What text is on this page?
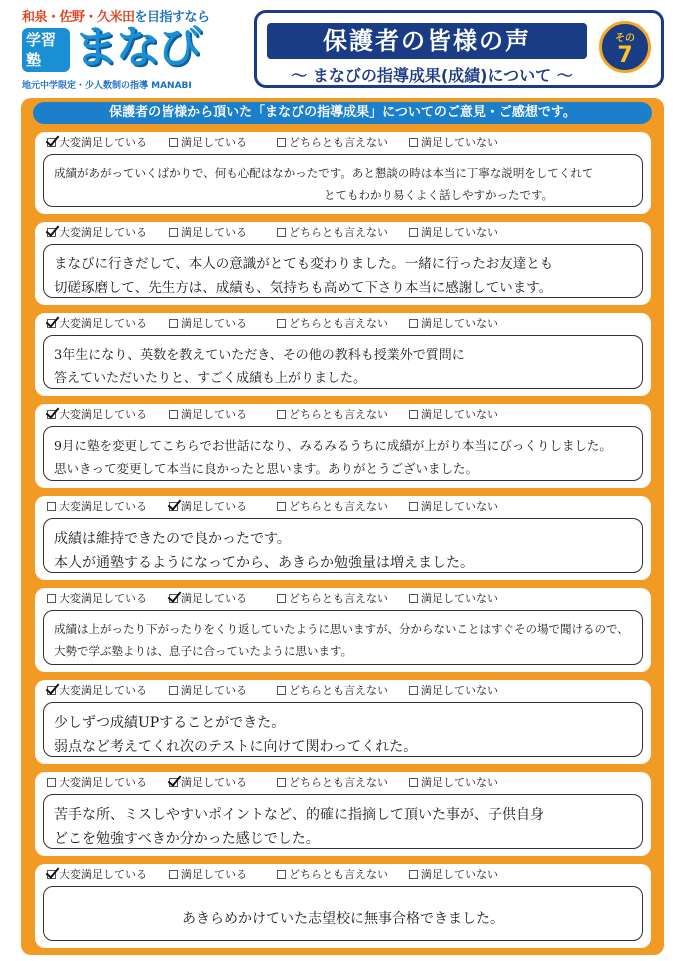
和泉・佐野・久米田を目指すなら
学習塾 まなび
地元中学限定・少人数制の指導 MANABI
保護者の皆様の声
～ まなびの指導成果(成績)について ～
その
7
保護者の皆様から頂いた「まなびの指導成果」についてのご意見・ご感想です。
大変満足している	満足している	どちらとも言えない	満足していない
成績があがっていくばかりで、何も心配はなかったです。あと懇談の時は本当に丁寧な説明をしてくれて
とてもわかり易くよく話しやすかったです。
大変満足している	満足している	どちらとも言えない	満足していない
まなびに行きだして、本人の意識がとても変わりました。一緒に行ったお友達とも
切磋琢磨して、先生方は、成績も、気持ちも高めて下さり本当に感謝しています。
大変満足している	満足している	どちらとも言えない	満足していない
3年生になり、英数を教えていただき、その他の教科も授業外で質問に
答えていただいたりと、すごく成績も上がりました。
大変満足している	満足している	どちらとも言えない	満足していない
9月に塾を変更してこちらでお世話になり、みるみるうちに成績が上がり本当にびっくりしました。
思いきって変更して本当に良かったと思います。ありがとうございました。
大変満足している	満足している	どちらとも言えない	満足していない
成績は維持できたので良かったです。
本人が通塾するようになってから、あきらか勉強量は増えました。
大変満足している	満足している	どちらとも言えない	満足していない
成績は上がったり下がったりをくり返していたように思いますが、分からないことはすぐその場で聞けるので、
大勢で学ぶ塾よりは、息子に合っていたように思います。
大変満足している	満足している	どちらとも言えない	満足していない
少しずつ成績UPすることができた。
弱点など考えてくれ次のテストに向けて関わってくれた。
大変満足している	満足している	どちらとも言えない	満足していない
苦手な所、ミスしやすいポイントなど、的確に指摘して頂いた事が、子供自身
どこを勉強すべきか分かった感じでした。
大変満足している	満足している	どちらとも言えない	満足していない
あきらめかけていた志望校に無事合格できました。
